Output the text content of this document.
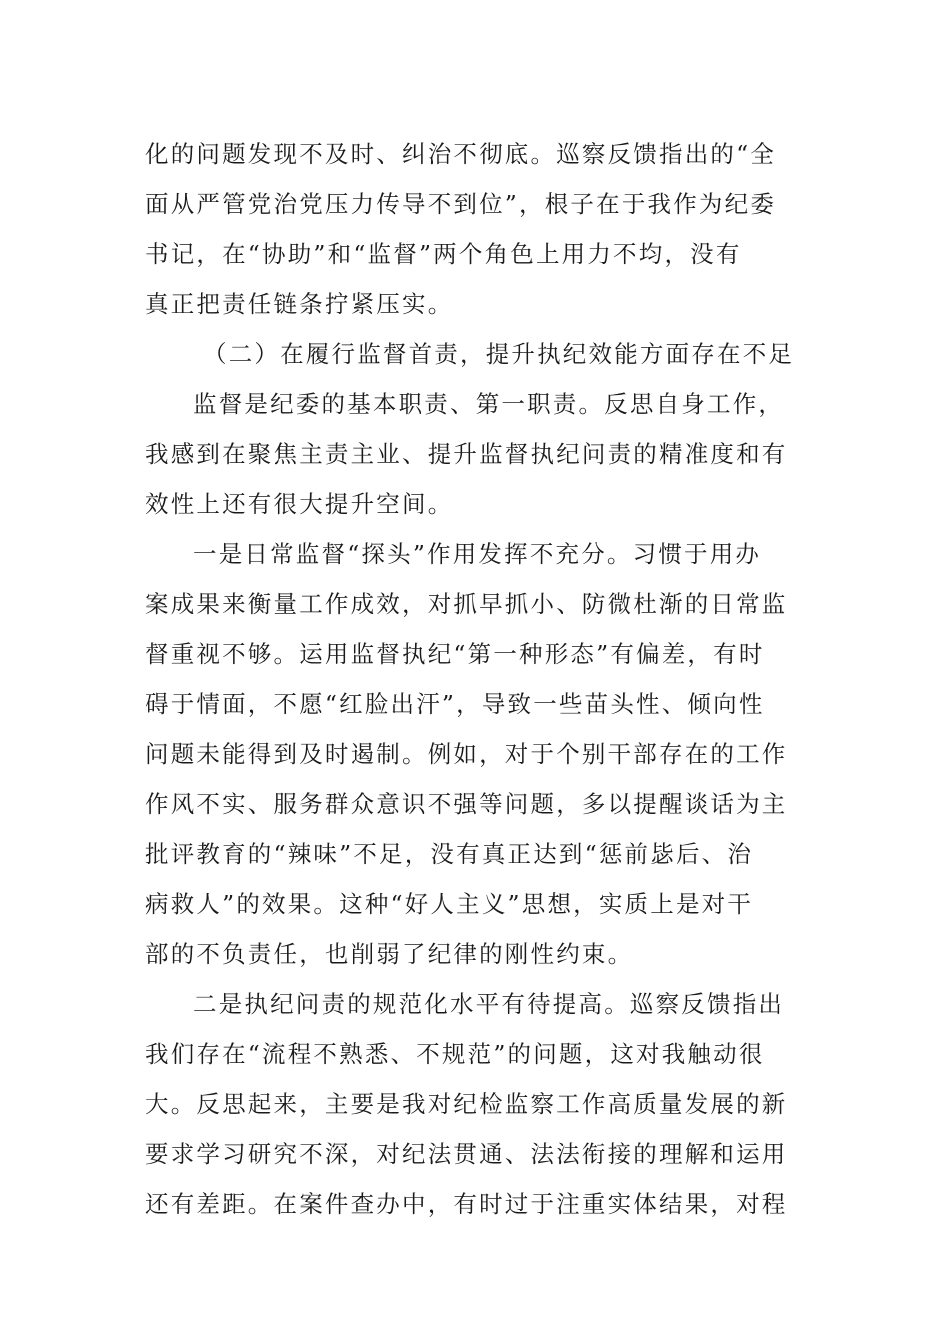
化的问题发现不及时、纠治不彻底。巡察反馈指出的“全
面从严管党治党压力传导不到位”，根子在于我作为纪委
书记，在“协助”和“监督”两个角色上用力不均，没有
真正把责任链条拧紧压实。
（二）在履行监督首责，提升执纪效能方面存在不足
监督是纪委的基本职责、第一职责。反思自身工作，
我感到在聚焦主责主业、提升监督执纪问责的精准度和有
效性上还有很大提升空间。
一是日常监督“探头”作用发挥不充分。习惯于用办
案成果来衡量工作成效，对抓早抓小、防微杜渐的日常监
督重视不够。运用监督执纪“第一种形态”有偏差，有时
碍于情面，不愿“红脸出汗”，导致一些苗头性、倾向性
问题未能得到及时遏制。例如，对于个别干部存在的工作
作风不实、服务群众意识不强等问题，多以提醒谈话为主
批评教育的“辣味”不足，没有真正达到“惩前毖后、治
病救人”的效果。这种“好人主义”思想，实质上是对干
部的不负责任，也削弱了纪律的刚性约束。
二是执纪问责的规范化水平有待提高。巡察反馈指出
我们存在“流程不熟悉、不规范”的问题，这对我触动很
大。反思起来，主要是我对纪检监察工作高质量发展的新
要求学习研究不深，对纪法贯通、法法衔接的理解和运用
还有差距。在案件查办中，有时过于注重实体结果，对程
